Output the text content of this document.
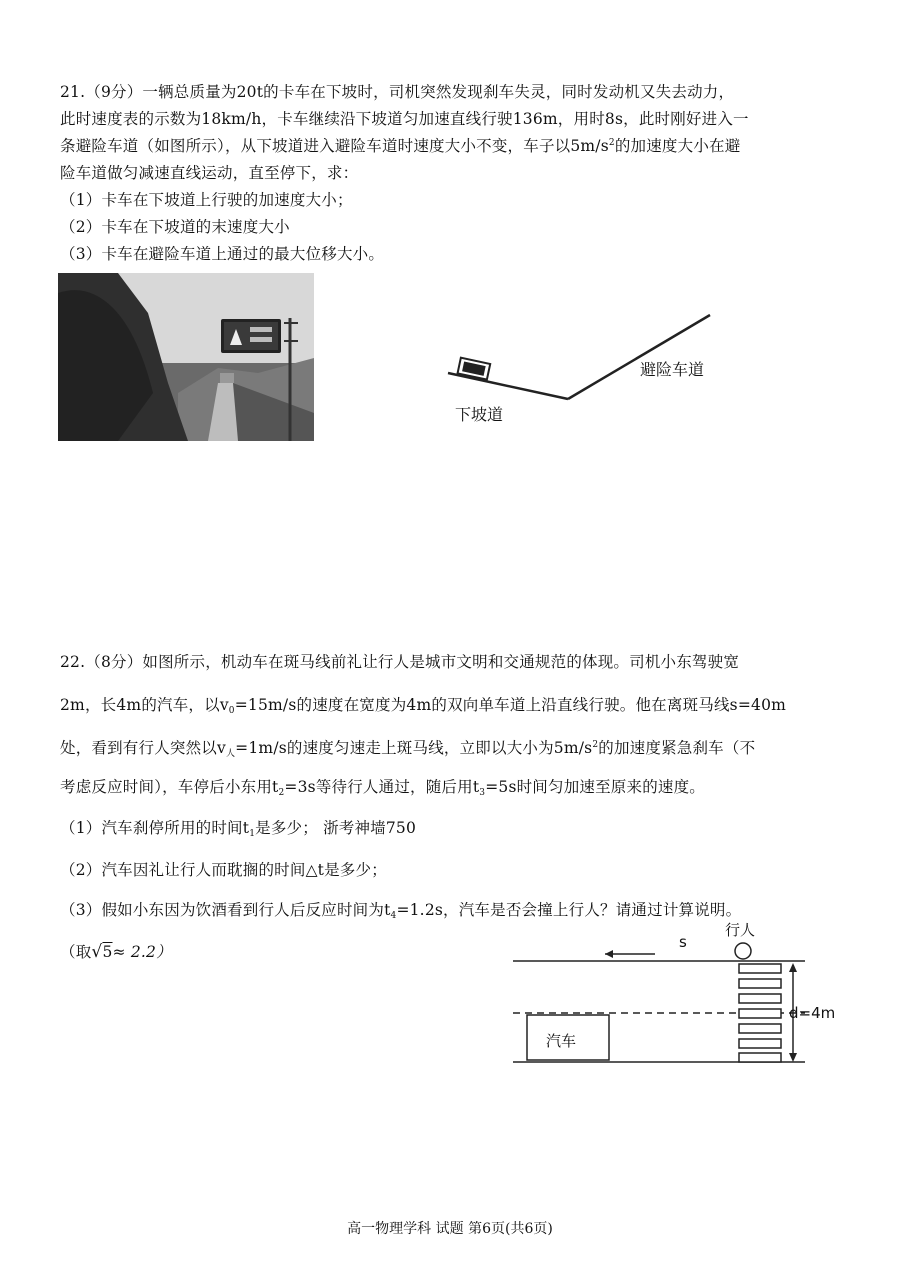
21.（9分）一辆总质量为20t的卡车在下坡时，司机突然发现刹车失灵，同时发动机又失去动力，
此时速度表的示数为18km/h，卡车继续沿下坡道匀加速直线行驶136m，用时8s，此时刚好进入一
条避险车道（如图所示），从下坡道进入避险车道时速度大小不变，车子以$5m/s^2$的加速度大小在避
险车道做匀减速直线运动，直至停下，求：
（1）卡车在下坡道上行驶的加速度大小；
（2）卡车在下坡道的末速度大小
（3）卡车在避险车道上通过的最大位移大小。
避险车道
下坡道
22.（8分）如图所示，机动车在斑马线前礼让行人是城市文明和交通规范的体现。司机小东驾驶宽
2m，长4m的汽车，以$v_0=15m/s$的速度在宽度为4m的双向单车道上沿直线行驶。他在离斑马线s=40m
处，看到有行人突然以$v_人=1m/s$的速度匀速走上斑马线，立即以大小为$5m/s^2$的加速度紧急刹车（不
考虑反应时间），车停后小东用$t_2=3s$等待行人通过，随后用$t_3=5s$时间匀加速至原来的速度。
（1）汽车刹停所用的时间$t_1$是多少； 浙考神墙750
（2）汽车因礼让行人而耽搁的时间△t是多少；
（3）假如小东因为饮酒看到行人后反应时间为$t_4=1.2s$，汽车是否会撞上行人？请通过计算说明。
（取√5≈ 2.2）
行人
s
d=4m
汽车
高一物理学科 试题 第6页(共6页)
